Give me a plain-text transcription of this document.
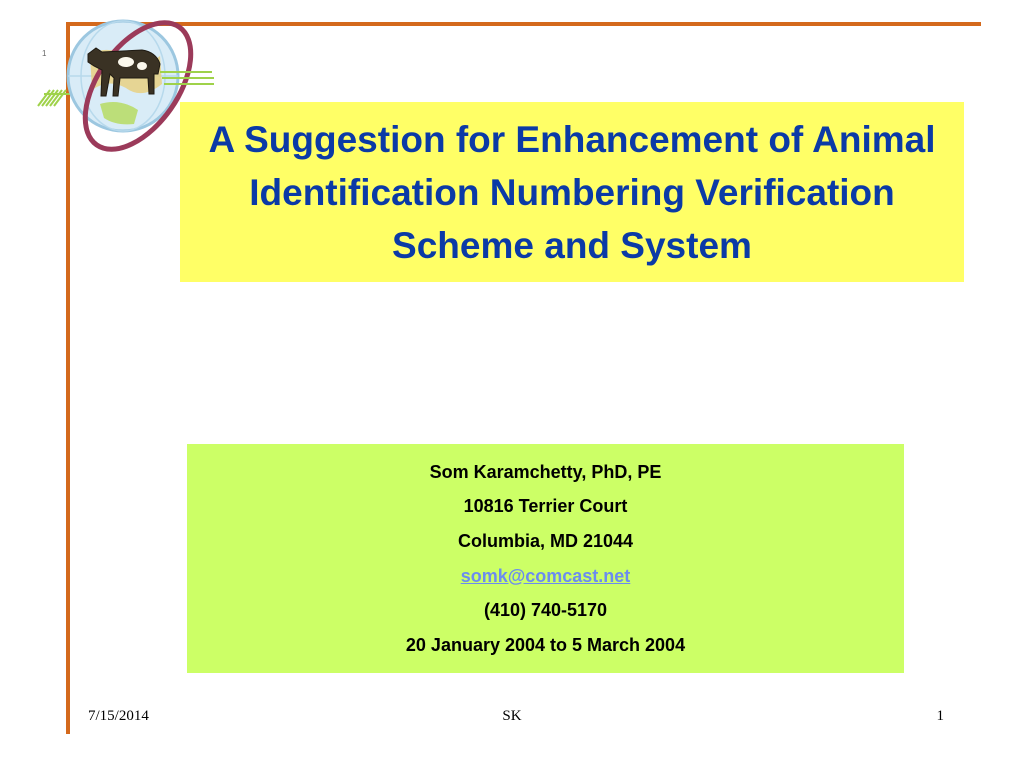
1
A Suggestion for Enhancement of Animal Identification Numbering Verification Scheme and System
Som Karamchetty, PhD, PE
10816 Terrier Court
Columbia, MD 21044
somk@comcast.net
(410) 740-5170
20 January 2004 to 5 March 2004
7/15/2014	SK	1
